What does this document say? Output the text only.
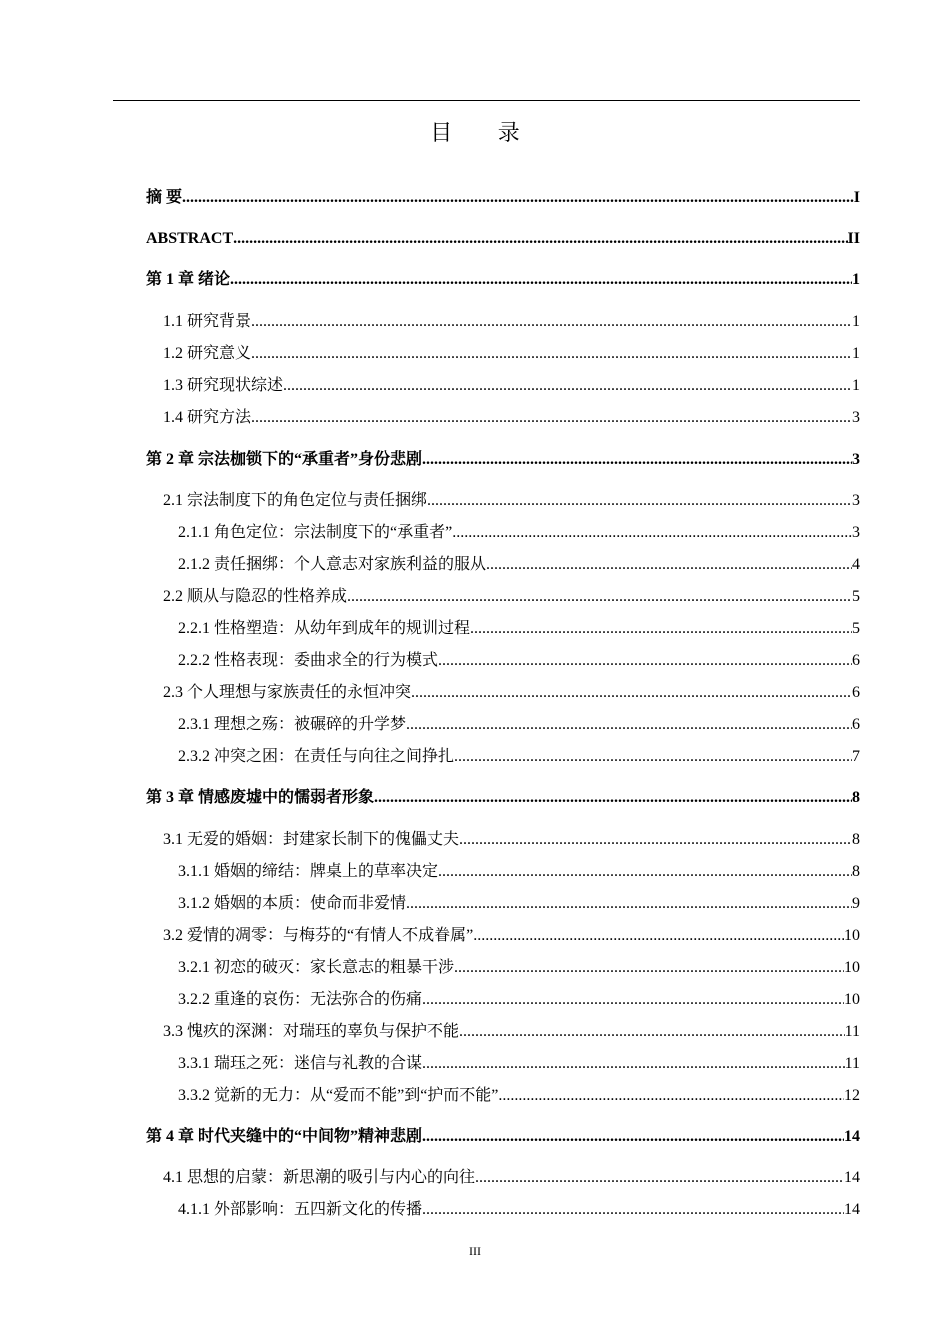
目 录
摘 要 .....	I
ABSTRACT .....	II
第 1 章 绪论 .....	1
1.1 研究背景 .....	1
1.2 研究意义 .....	1
1.3 研究现状综述 .....	1
1.4 研究方法 .....	3
第 2 章 宗法枷锁下的“承重者”身份悲剧 .....	3
2.1 宗法制度下的角色定位与责任捆绑 .....	3
2.1.1 角色定位：宗法制度下的“承重者” .....	3
2.1.2 责任捆绑：个人意志对家族利益的服从 .....	4
2.2 顺从与隐忍的性格养成 .....	5
2.2.1 性格塑造：从幼年到成年的规训过程 .....	5
2.2.2 性格表现：委曲求全的行为模式 .....	6
2.3 个人理想与家族责任的永恒冲突 .....	6
2.3.1 理想之殇：被碾碎的升学梦 .....	6
2.3.2 冲突之困：在责任与向往之间挣扎 .....	7
第 3 章 情感废墟中的懦弱者形象 .....	8
3.1 无爱的婚姻：封建家长制下的傀儡丈夫 .....	8
3.1.1 婚姻的缔结：牌桌上的草率决定 .....	8
3.1.2 婚姻的本质：使命而非爱情 .....	9
3.2 爱情的凋零：与梅芬的“有情人不成眷属” .....	10
3.2.1 初恋的破灭：家长意志的粗暴干涉 .....	10
3.2.2 重逢的哀伤：无法弥合的伤痛 .....	10
3.3 愧疚的深渊：对瑞珏的辜负与保护不能 .....	11
3.3.1 瑞珏之死：迷信与礼教的合谋 .....	11
3.3.2 觉新的无力：从“爱而不能”到“护而不能” .....	12
第 4 章 时代夹缝中的“中间物”精神悲剧 .....	14
4.1 思想的启蒙：新思潮的吸引与内心的向往 .....	14
4.1.1 外部影响：五四新文化的传播 .....	14
III
